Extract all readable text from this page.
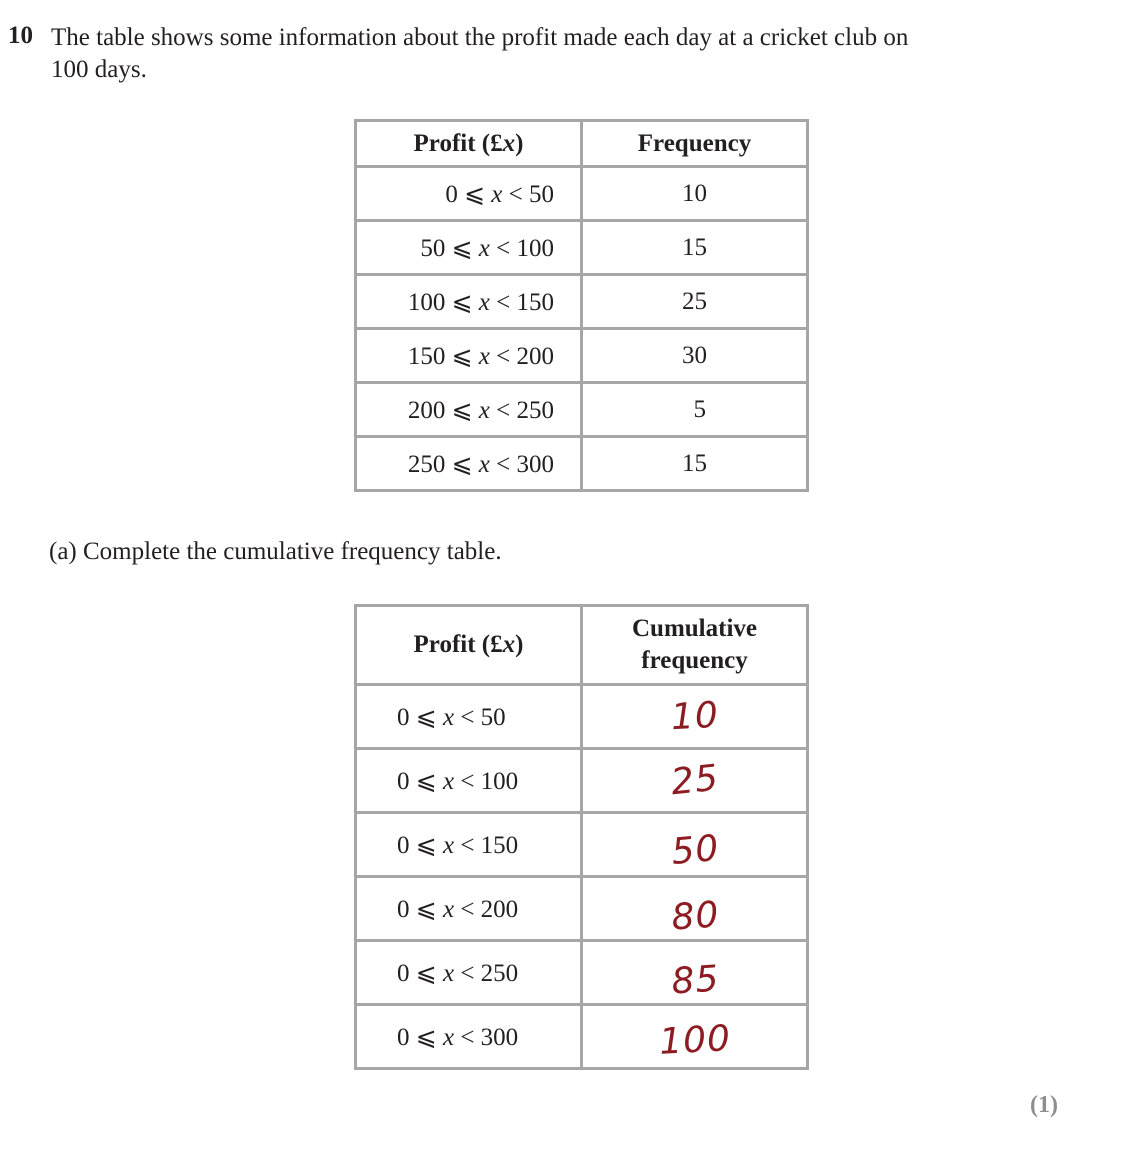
10 The table shows some information about the profit made each day at a cricket club on
100 days.
Profit (£x)	Frequency
0 ⩽ x < 50	10
50 ⩽ x < 100	15
100 ⩽ x < 150	25
150 ⩽ x < 200	30
200 ⩽ x < 250	5
250 ⩽ x < 300	15
(a) Complete the cumulative frequency table.
Profit (£x)	Cumulative
frequency
0 ⩽ x < 50	10
0 ⩽ x < 100	25
0 ⩽ x < 150	50
0 ⩽ x < 200	80
0 ⩽ x < 250	85
0 ⩽ x < 300	100
(1)
